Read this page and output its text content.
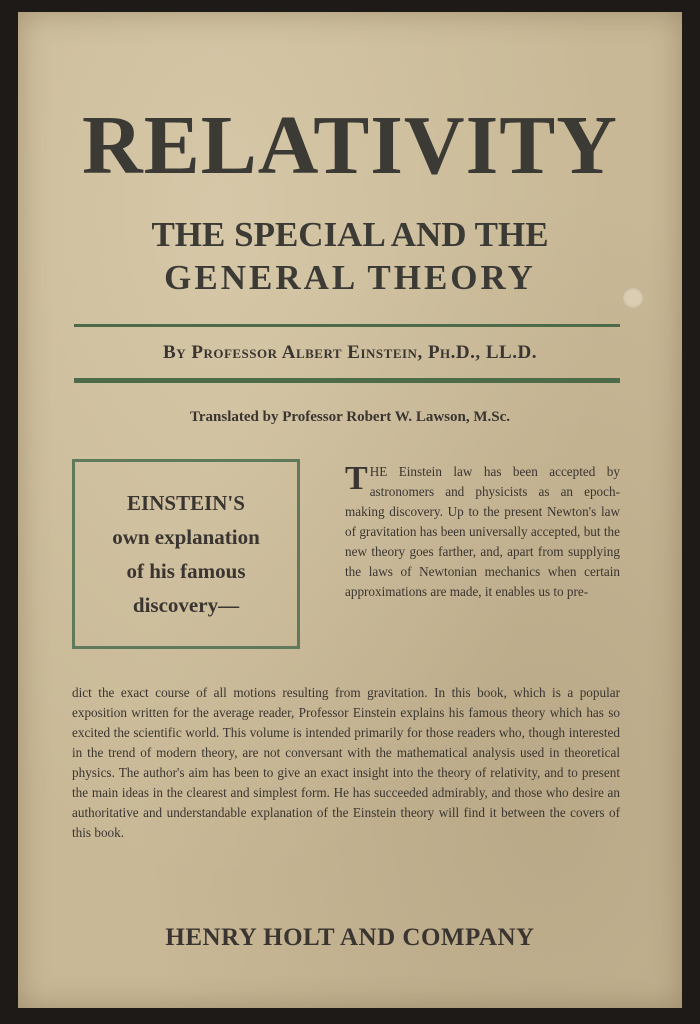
RELATIVITY
THE SPECIAL AND THE
GENERAL THEORY
By Professor Albert Einstein, Ph.D., LL.D.
Translated by Professor Robert W. Lawson, M.Sc.
EINSTEIN'S
own explanation
of his famous
discovery—
THE Einstein law has been accepted by astronomers and physicists as an epoch-making discovery. Up to the present Newton's law of gravitation has been universally accepted, but the new theory goes farther, and, apart from supplying the laws of Newtonian mechanics when certain approximations are made, it enables us to pre-
dict the exact course of all motions resulting from gravitation. In this book, which is a popular exposition written for the average reader, Professor Einstein explains his famous theory which has so excited the scientific world. This volume is intended primarily for those readers who, though interested in the trend of modern theory, are not conversant with the mathematical analysis used in theoretical physics. The author's aim has been to give an exact insight into the theory of relativity, and to present the main ideas in the clearest and simplest form. He has succeeded admirably, and those who desire an authoritative and understandable explanation of the Einstein theory will find it between the covers of this book.
HENRY HOLT AND COMPANY
